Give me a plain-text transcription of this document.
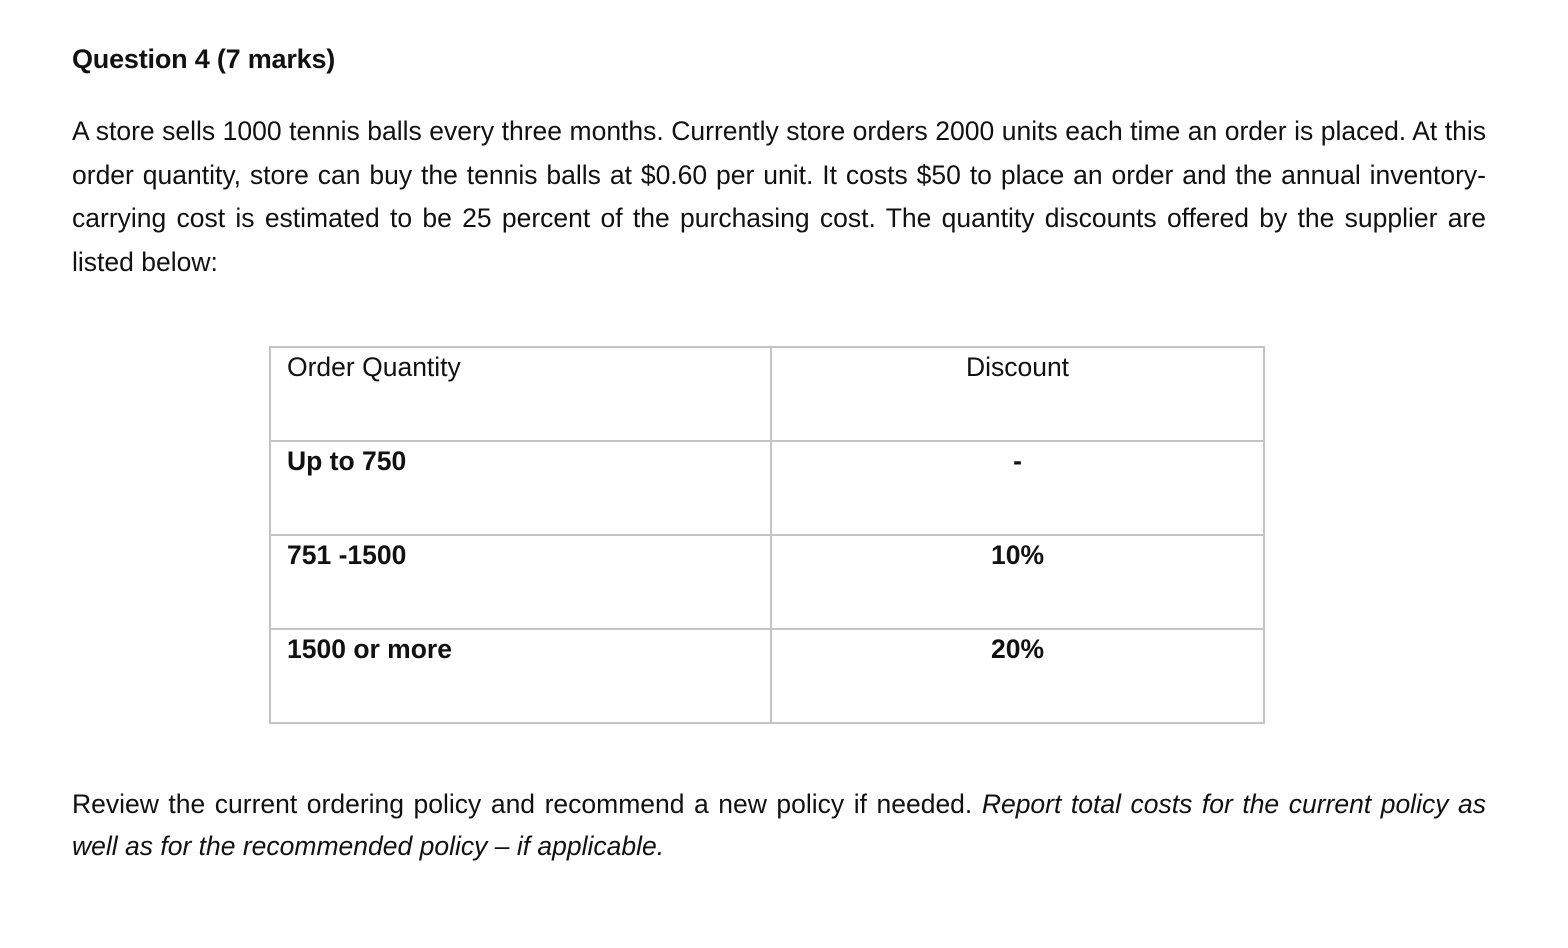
Question 4 (7 marks)

A store sells 1000 tennis balls every three months. Currently store orders 2000 units each time an order is placed. At this order quantity, store can buy the tennis balls at $0.60 per unit. It costs $50 to place an order and the annual inventory-carrying cost is estimated to be 25 percent of the purchasing cost. The quantity discounts offered by the supplier are listed below:

Order Quantity	Discount
Up to 750	-
751 -1500	10%
1500 or more	20%

Review the current ordering policy and recommend a new policy if needed. Report total costs for the current policy as well as for the recommended policy – if applicable.
